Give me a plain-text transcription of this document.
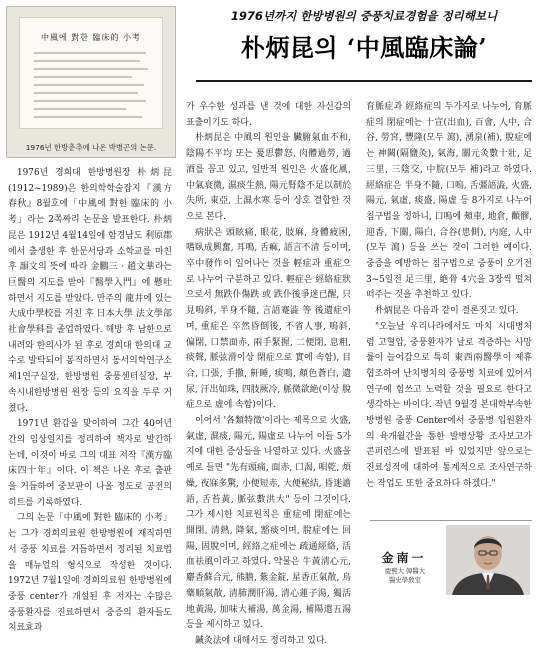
中風에 對한 臨床的 小考
1976년 한방춘추에 나온 박병곤의 논문.
1976년까지 한방병원의 중풍치료경험을 정리해보니
朴炳昆의 ‘中風臨床論’

1976년 경희대 한방병원장 朴炳昆(1912~1989)은 한의학학술잡지『漢方春秋』8월호에「中風에 對한 臨床的 小考」라는 2쪽짜리 논문을 발표한다. 朴炳昆은 1912년 4월14일에 함경남도 利原郡에서 출생한 후 한문서당과 소학교를 마친 후 韻文의 뜻에 따라 金鵬三 · 趙文華라는 巨醫의 지도를 받아『醫學入門』에 懸吐하면서 지도를 받았다. 만주의 龍井에 있는 大成中學校를 거친 후 日本大學 法文學部 社會學科를 졸업하였다. 해방 후 남한으로 내려와 한의사가 된 후로 경희대 한의대 교수로 발탁되어 봉직하면서 동서의학연구소 제1연구실장, 한방병원 중풍센터실장, 부속시내한방병원 원장 등의 요직을 두루 거쳤다.

1971년 환갑을 맞이하여 그간 40여년간의 임상일지를 정리하여 책자로 발간하는데, 이것이 바로 그의 대표 저작『漢方臨床四十年』이다. 이 책은 나온 후로 출판을 거듭하여 중보판이 나올 정도로 공전의 히트를 기록하였다.

그의 논문「中風에 對한 臨床的 小考」는 그가 경희의료원 한방병원에 재직하면서 중풍 치료를 거듭하면서 정리된 치료법을 매뉴얼의 형식으로 작성한 것이다. 1972년 7월1일에 경희의료원 한방병원에 중풍 center가 개설된 후 저자는 수많은 중풍환자를 진료하면서 중증의 환자들도 치료효과

가 우수한 성과를 낸 것에 대한 자신감의 표출이기도 하다.

朴炳昆은 中風의 원인을 臟腑氣血不和, 陰陽不平均 또는 憂思鬱怒, 肉體過勞, 過酒를 꼽고 있고, 일반적 원인은 火盛化風, 中氣衰微, 濕痰生熱, 陽元腎陰不足以制於失所, 東亞, 上濕水寒 등이 상호 결합한 것으로 본다.

病狀은 頭眩痛, 眼花, 肢麻, 身體疲困, 嗜臥成興奮, 耳鳴, 舌痲, 語言不清 등이며, 卒中發作이 일어나는 것을 輕症과 重症으로 나누어 구분하고 있다. 輕症은 經絡症狀으로서 無跌仆傷跌 或 跌仆後爭迷已醒, 只見嗚斜, 半身不隨, 言語蹇澁 等 後遺症이며, 重症은 卒然昏倒後, 不省人事, 嗚斜, 偏閉, 口禁面赤, 兩手緊握, 二便閉, 息粗, 痰聲, 脈弦滑이상 閉症으로 實에 속함), 目合, 口張, 手撒, 鼾睡, 痰鳴, 顏色蒼白, 遺尿, 汗出如珠, 四肢厥冷, 脈微欲絶(이상 脫症으로 虛에 속함)이다.

이어서 '各類特徵'이라는 제목으로 火盛, 氣虛, 濕痰, 陽元, 陽虛로 나누어 이들 5가지에 대한 증상들을 나열하고 있다. 火盛을 예로 들면 "先有頭痛, 面赤, 口渴, 唄乾, 煩燥, 夜寐多驚, 小便短赤, 大便秘結, 昏迷譫語, 舌苔黃, 脈弦數洪大" 등이 그것이다. 그가 제시한 치료원칙은 重症에 閉症에는 開閉, 清熱, 降氣, 豁痰이며, 脫症에는 回陽, 固脫이며, 經絡之症에는 疏通經絡, 活血祛風이라고 하였다. 약물은 牛黃淸心元, 麝香蘇合元, 熊膽, 紫金錠, 星香正氣散, 烏藥順氣散, 清肺潤肝湯, 清心蓮子湯, 獨活地黃湯, 加味大補湯, 萬金湯, 補陽還五湯 등을 제시하고 있다.

鍼灸法에 대해서도 정리하고 있다.

育脈症과 經絡症의 두가지로 나누어, 育脈症의 閉症에는 十宣(出血), 百會, 人中, 合谷, 勞宮, 豐隆(모두 瀉), 湧泉(補), 脫症에는 神闕(隔鹽灸), 氣海, 關元灸數十壯, 足三里, 三陰交, 中脘(모두 補)라고 하였다. 經絡症은 半身不隨, 口嗚, 舌彊語澁, 火盛, 陽元, 氣虛, 痰盛, 陽虛 등 8가지로 나누어 침구법을 정하니, 口嗚에 頰車, 地倉, 顴髎, 迎香, 下關, 陽白, 合谷(患側), 内庭, 人中(모두 瀉) 등을 쓰는 것이 그러한 예이다. 중증을 예방하는 침구법으로 중풍이 오기전 3~5일전 足三里, 絶骨 4穴을 3장씩 떨쳐 떠주는 것을 추천하고 있다.

朴炳昆은 다음과 같이 결론짓고 있다.

"오늘날 우리나라에서도 마치 시대병처럼 고혈압, 중풍환자가 날로 격증하는 사망률이 늘어감으로 특히 東西兩醫學이 제휴협조하여 난치병치의 중풍병 치료에 있어서 연구에 힘쓰고 노력할 것을 필요로 한다고 생각하는 바이다. 작년 9월경 본대학부속한방병원 중풍 Center에서 중풍병 입원환자의 육개월간을 통한 발병상황 조사보고가 콘퍼런스에 발표된 바 있었지만 앞으로는 진료성적에 대하여 통계적으로 조사연구하는 작업도 또한 중요하다 하겠다."

金南一
慶熙大 韓醫大
醫史學敎室
